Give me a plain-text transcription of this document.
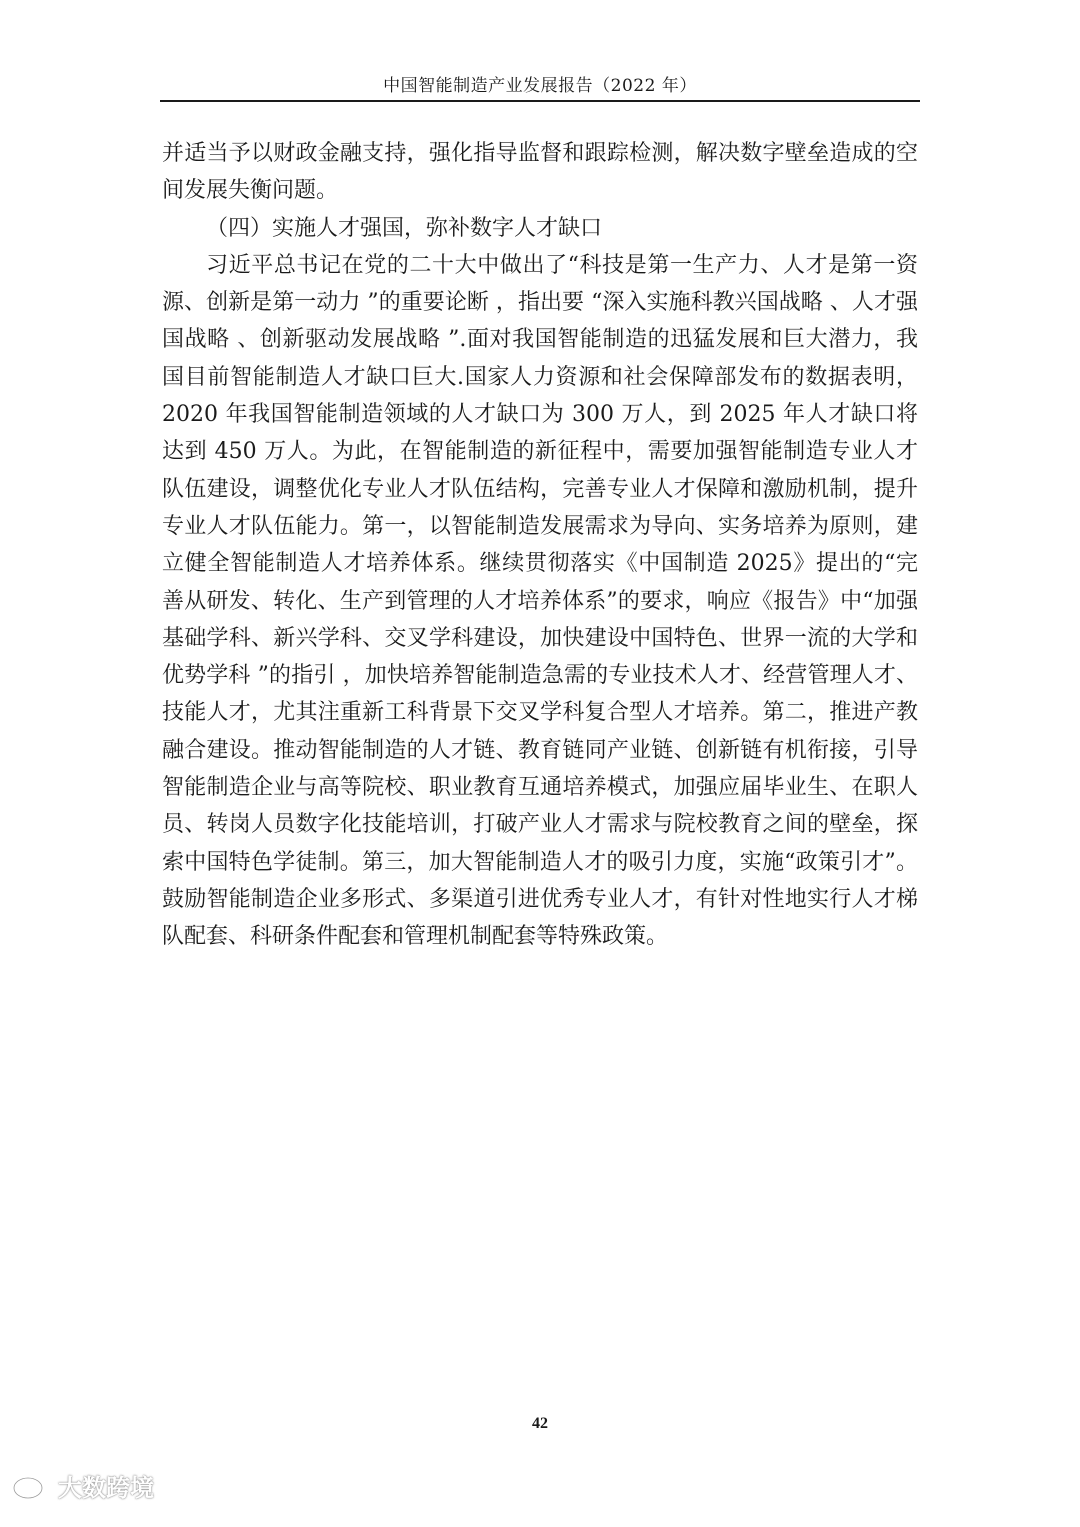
中国智能制造产业发展报告（2022 年）

并适当予以财政金融支持，强化指导监督和跟踪检测，解决数字壁垒造成的空间发展失衡问题。

（四）实施人才强国，弥补数字人才缺口

习近平总书记在党的二十大中做出了“科技是第一生产力、人才是第一资源、创新是第一动力 ”的重要论断 ，指出要 “深入实施科教兴国战略 、人才强国战略 、创新驱动发展战略 ”.面对我国智能制造的迅猛发展和巨大潜力，我国目前智能制造人才缺口巨大.国家人力资源和社会保障部发布的数据表明，2020 年我国智能制造领域的人才缺口为 300 万人，到 2025 年人才缺口将达到 450 万人。为此，在智能制造的新征程中，需要加强智能制造专业人才队伍建设，调整优化专业人才队伍结构，完善专业人才保障和激励机制，提升专业人才队伍能力。第一，以智能制造发展需求为导向、实务培养为原则，建立健全智能制造人才培养体系。继续贯彻落实《中国制造 2025》提出的“完善从研发、转化、生产到管理的人才培养体系”的要求，响应《报告》中“加强基础学科、新兴学科、交叉学科建设，加快建设中国特色、世界一流的大学和优势学科 ”的指引 ，加快培养智能制造急需的专业技术人才、经营管理人才、技能人才，尤其注重新工科背景下交叉学科复合型人才培养。第二，推进产教融合建设。推动智能制造的人才链、教育链同产业链、创新链有机衔接，引导智能制造企业与高等院校、职业教育互通培养模式，加强应届毕业生、在职人员、转岗人员数字化技能培训，打破产业人才需求与院校教育之间的壁垒，探索中国特色学徒制。第三，加大智能制造人才的吸引力度，实施“政策引才”。鼓励智能制造企业多形式、多渠道引进优秀专业人才，有针对性地实行人才梯队配套、科研条件配套和管理机制配套等特殊政策。

42
大数跨境
